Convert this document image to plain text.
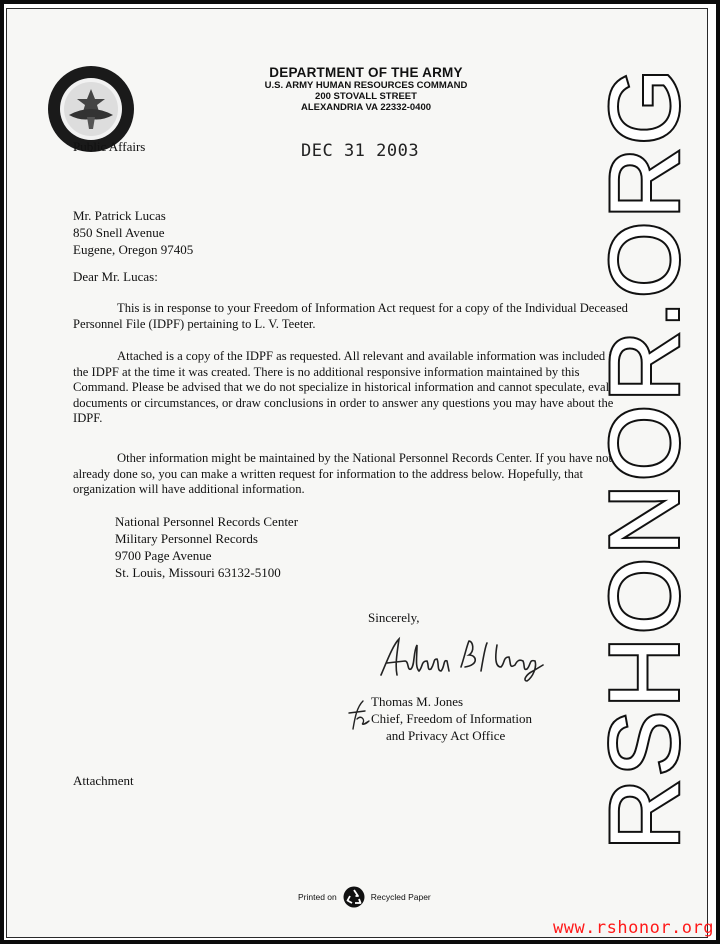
DEPARTMENT OF THE ARMY
U.S. ARMY HUMAN RESOURCES COMMAND
200 STOVALL STREET
ALEXANDRIA VA 22332-0400
Public Affairs	DEC 31 2003
Mr. Patrick Lucas
850 Snell Avenue
Eugene, Oregon 97405
Dear Mr. Lucas:
This is in response to your Freedom of Information Act request for a copy of the Individual Deceased Personnel File (IDPF) pertaining to L. V. Teeter.
Attached is a copy of the IDPF as requested. All relevant and available information was included in the IDPF at the time it was created. There is no additional responsive information maintained by this Command. Please be advised that we do not specialize in historical information and cannot speculate, evaluate documents or circumstances, or draw conclusions in order to answer any questions you may have about the IDPF.
Other information might be maintained by the National Personnel Records Center. If you have not already done so, you can make a written request for information to the address below. Hopefully, that organization will have additional information.
National Personnel Records Center
Military Personnel Records
9700 Page Avenue
St. Louis, Missouri 63132-5100
Sincerely,
Thomas M. Jones
Chief, Freedom of Information
and Privacy Act Office
Attachment
Printed on	Recycled Paper
RSHONOR.ORG
www.rshonor.org
